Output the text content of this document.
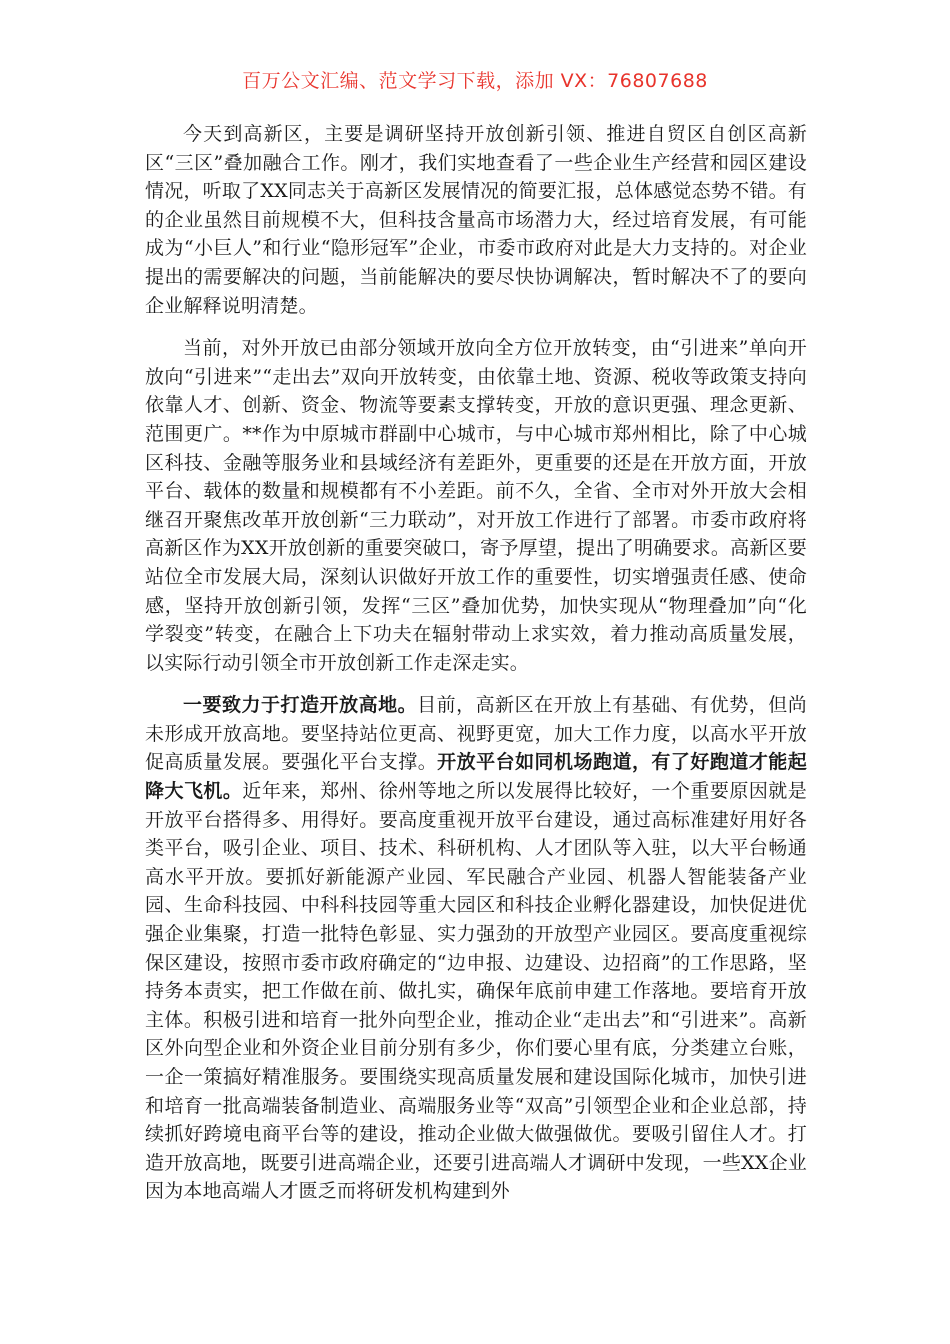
百万公文汇编、范文学习下载，添加 VX：76807688

今天到高新区，主要是调研坚持开放创新引领、推进自贸区自创区高新区“三区”叠加融合工作。刚才，我们实地查看了一些企业生产经营和园区建设情况，听取了XX同志关于高新区发展情况的简要汇报，总体感觉态势不错。有的企业虽然目前规模不大，但科技含量高市场潜力大，经过培育发展，有可能成为“小巨人”和行业“隐形冠军”企业，市委市政府对此是大力支持的。对企业提出的需要解决的问题，当前能解决的要尽快协调解决，暂时解决不了的要向企业解释说明清楚。

当前，对外开放已由部分领域开放向全方位开放转变，由“引进来”单向开放向“引进来”“走出去”双向开放转变，由依靠土地、资源、税收等政策支持向依靠人才、创新、资金、物流等要素支撑转变，开放的意识更强、理念更新、范围更广。**作为中原城市群副中心城市，与中心城市郑州相比，除了中心城区科技、金融等服务业和县域经济有差距外，更重要的还是在开放方面，开放平台、载体的数量和规模都有不小差距。前不久，全省、全市对外开放大会相继召开聚焦改革开放创新“三力联动”，对开放工作进行了部署。市委市政府将高新区作为XX开放创新的重要突破口，寄予厚望，提出了明确要求。高新区要站位全市发展大局，深刻认识做好开放工作的重要性，切实增强责任感、使命感，坚持开放创新引领，发挥“三区”叠加优势，加快实现从“物理叠加”向“化学裂变”转变，在融合上下功夫在辐射带动上求实效，着力推动高质量发展，以实际行动引领全市开放创新工作走深走实。

一要致力于打造开放高地。目前，高新区在开放上有基础、有优势，但尚未形成开放高地。要坚持站位更高、视野更宽，加大工作力度，以高水平开放促高质量发展。要强化平台支撑。开放平台如同机场跑道，有了好跑道才能起降大飞机。近年来，郑州、徐州等地之所以发展得比较好，一个重要原因就是开放平台搭得多、用得好。要高度重视开放平台建设，通过高标准建好用好各类平台，吸引企业、项目、技术、科研机构、人才团队等入驻，以大平台畅通高水平开放。要抓好新能源产业园、军民融合产业园、机器人智能装备产业园、生命科技园、中科科技园等重大园区和科技企业孵化器建设，加快促进优强企业集聚，打造一批特色彰显、实力强劲的开放型产业园区。要高度重视综保区建设，按照市委市政府确定的“边申报、边建设、边招商”的工作思路，坚持务本责实，把工作做在前、做扎实，确保年底前申建工作落地。要培育开放主体。积极引进和培育一批外向型企业，推动企业“走出去”和“引进来”。高新区外向型企业和外资企业目前分别有多少，你们要心里有底，分类建立台账，一企一策搞好精准服务。要围绕实现高质量发展和建设国际化城市，加快引进和培育一批高端装备制造业、高端服务业等“双高”引领型企业和企业总部，持续抓好跨境电商平台等的建设，推动企业做大做强做优。要吸引留住人才。打造开放高地，既要引进高端企业，还要引进高端人才调研中发现，一些XX企业因为本地高端人才匮乏而将研发机构建到外
